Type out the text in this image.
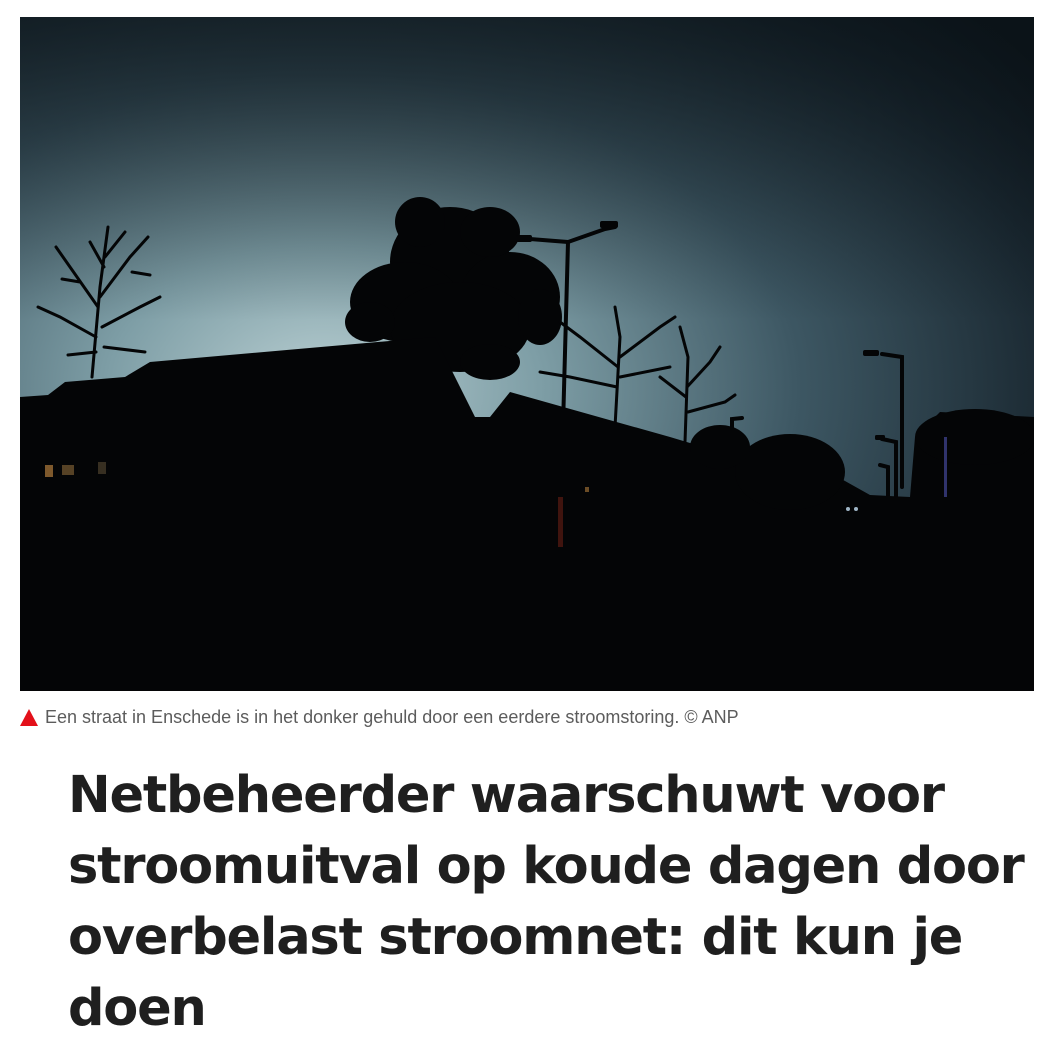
Een straat in Enschede is in het donker gehuld door een eerdere stroomstoring. © ANP
Netbeheerder waarschuwt voor stroomuitval op koude dagen door overbelast stroomnet: dit kun je doen
